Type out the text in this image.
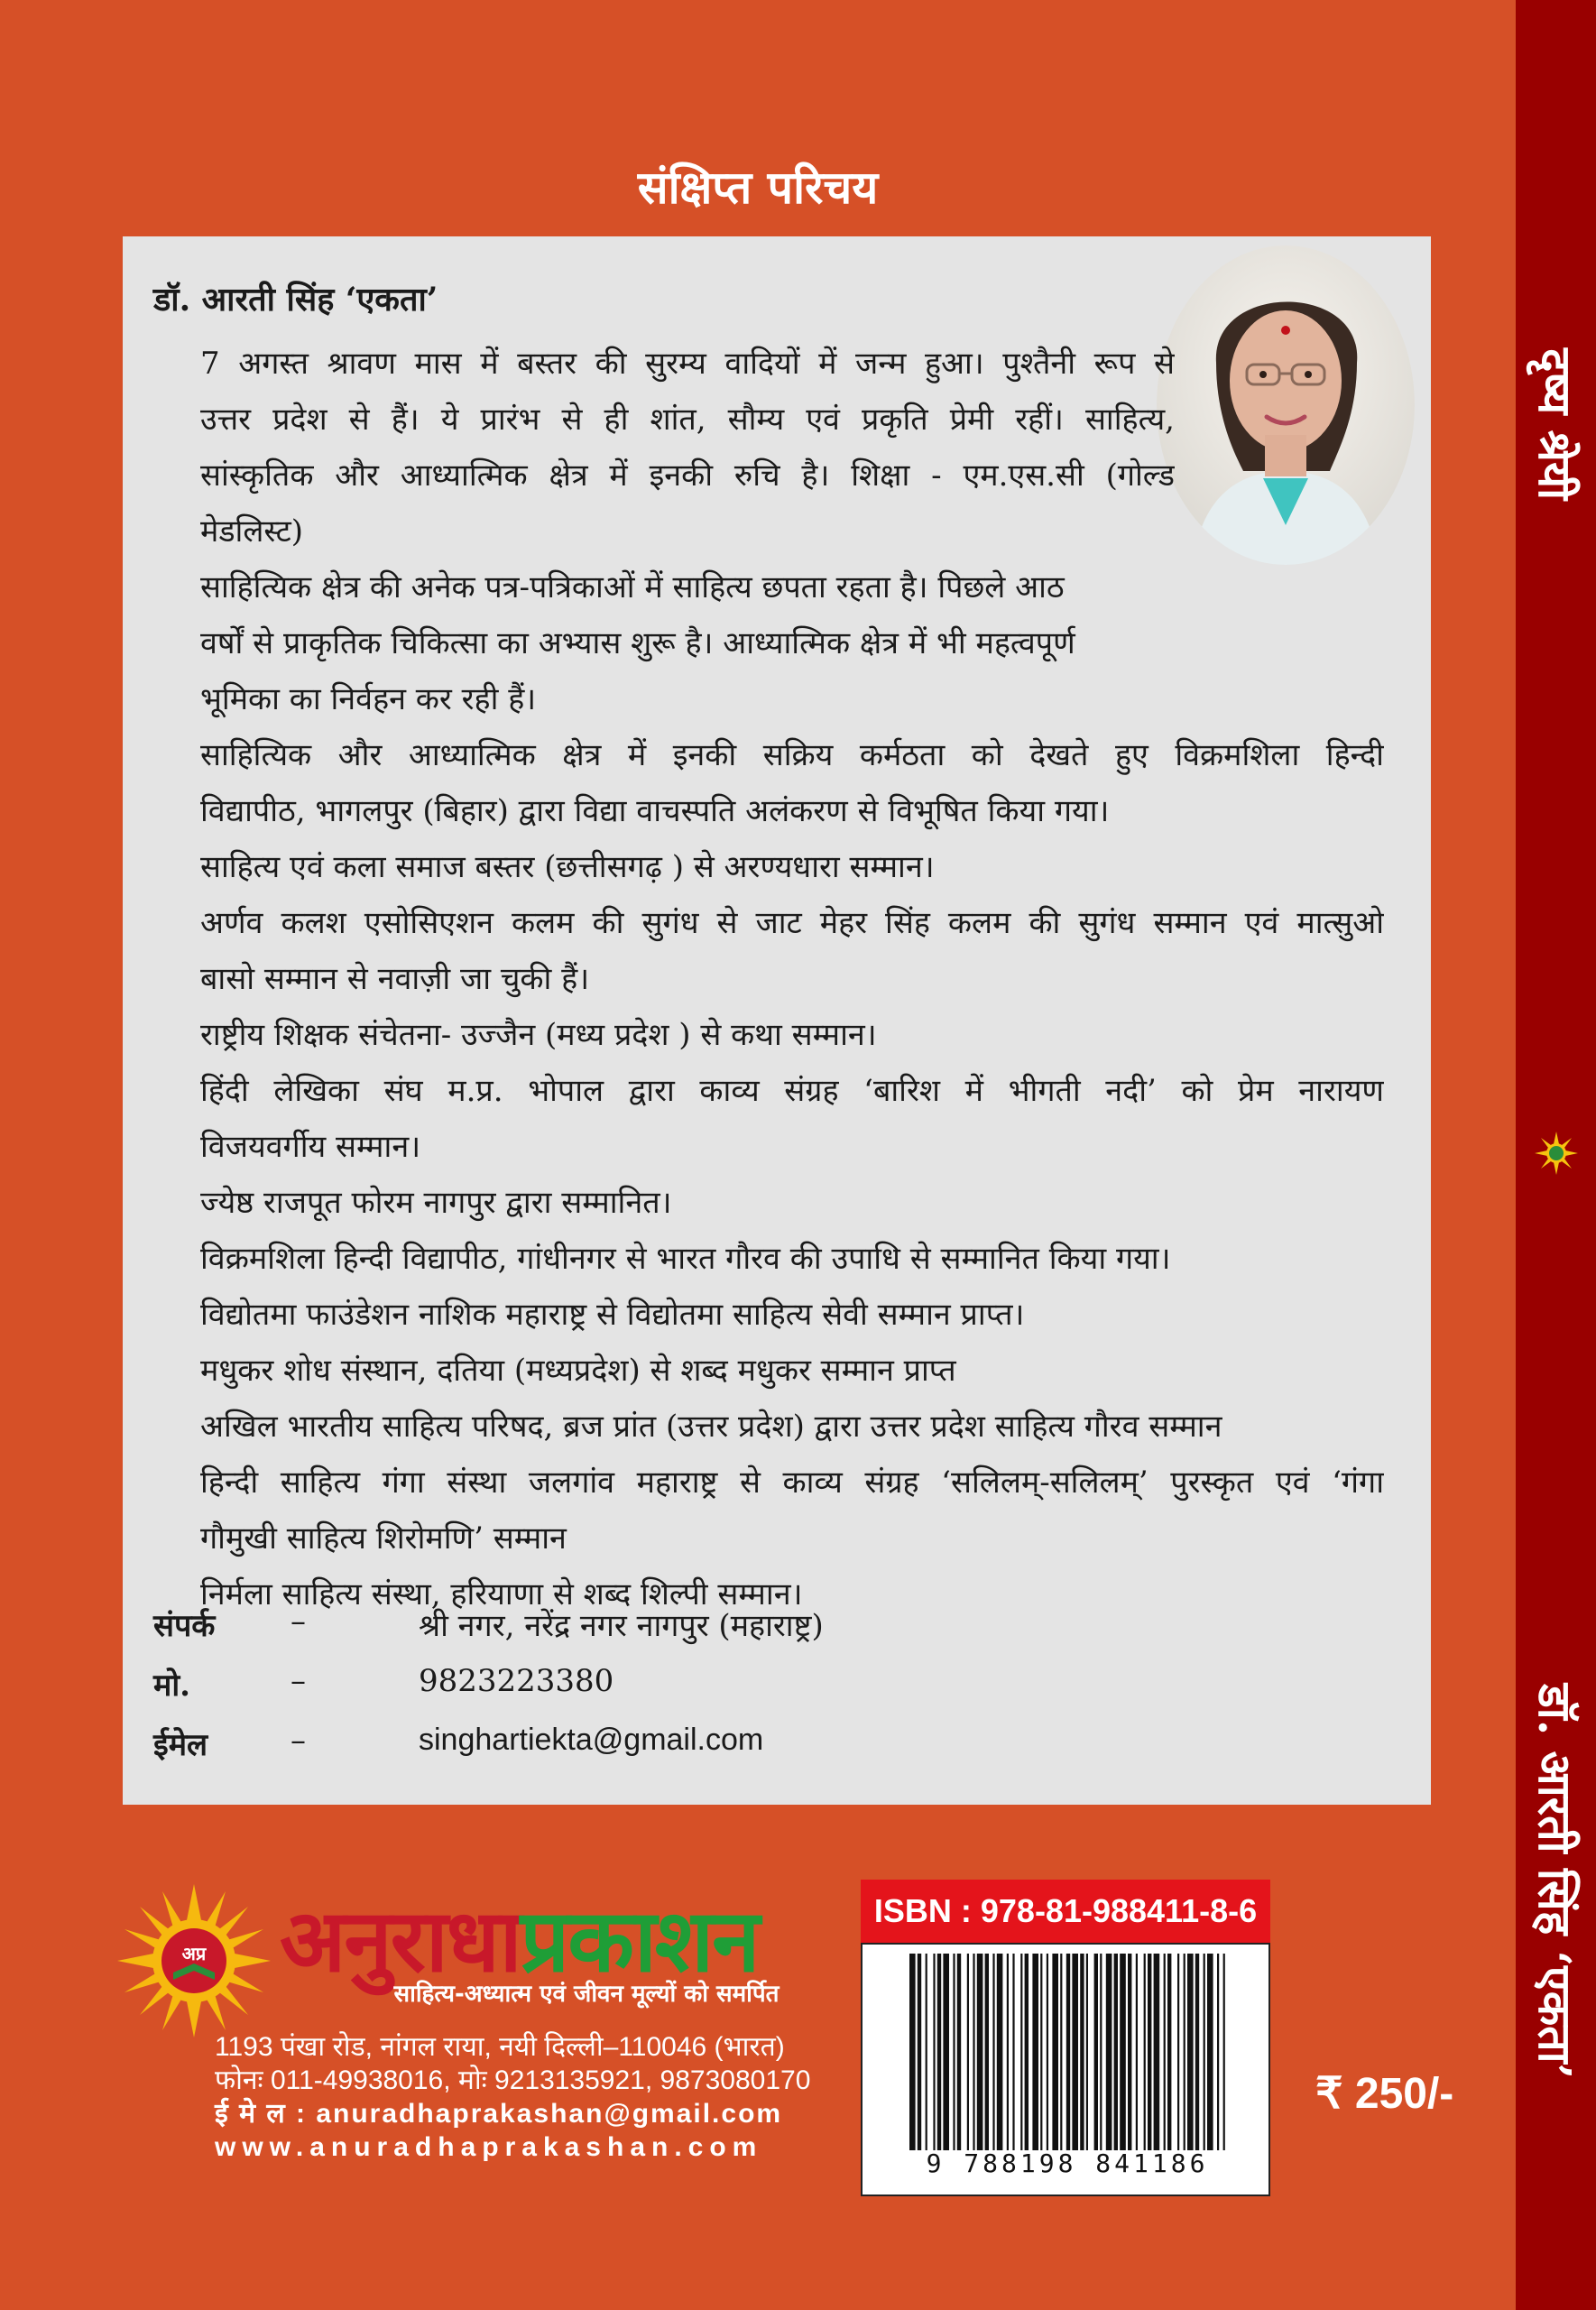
दृष्य श्रेयी
डॉ. आरती सिंह ‘एकता’
संक्षिप्त परिचय
डॉ. आरती सिंह ‘एकता’
7 अगस्त श्रावण मास में बस्तर की सुरम्य वादियों में जन्म हुआ। पुश्तैनी रूप से
उत्तर प्रदेश से हैं। ये प्रारंभ से ही शांत, सौम्य एवं प्रकृति प्रेमी रहीं। साहित्य,
सांस्कृतिक और आध्यात्मिक क्षेत्र में इनकी रुचि है। शिक्षा - एम.एस.सी (गोल्ड
मेडलिस्ट)
साहित्यिक क्षेत्र की अनेक पत्र-पत्रिकाओं में साहित्य छपता रहता है। पिछले आठ
वर्षों से प्राकृतिक चिकित्सा का अभ्यास शुरू है। आध्यात्मिक क्षेत्र में भी महत्वपूर्ण
भूमिका का निर्वहन कर रही हैं।
साहित्यिक और आध्यात्मिक क्षेत्र में इनकी सक्रिय कर्मठता को देखते हुए विक्रमशिला हिन्दी
विद्यापीठ, भागलपुर (बिहार) द्वारा विद्या वाचस्पति अलंकरण से विभूषित किया गया।
साहित्य एवं कला समाज बस्तर (छत्तीसगढ़ ) से अरण्यधारा सम्मान।
अर्णव कलश एसोसिएशन कलम की सुगंध से जाट मेहर सिंह कलम की सुगंध सम्मान एवं मात्सुओ
बासो सम्मान से नवाज़ी जा चुकी हैं।
राष्ट्रीय शिक्षक संचेतना- उज्जैन (मध्य प्रदेश ) से कथा सम्मान।
हिंदी लेखिका संघ म.प्र. भोपाल द्वारा काव्य संग्रह ‘बारिश में भीगती नदी’ को प्रेम नारायण
विजयवर्गीय सम्मान।
ज्येष्ठ राजपूत फोरम नागपुर द्वारा सम्मानित।
विक्रमशिला हिन्दी विद्यापीठ, गांधीनगर से भारत गौरव की उपाधि से सम्मानित किया गया।
विद्योतमा फाउंडेशन नाशिक महाराष्ट्र से विद्योतमा साहित्य सेवी सम्मान प्राप्त।
मधुकर शोध संस्थान, दतिया (मध्यप्रदेश) से शब्द मधुकर सम्मान प्राप्त
अखिल भारतीय साहित्य परिषद, ब्रज प्रांत (उत्तर प्रदेश) द्वारा उत्तर प्रदेश साहित्य गौरव सम्मान
हिन्दी साहित्य गंगा संस्था जलगांव महाराष्ट्र से काव्य संग्रह ‘सलिलम्-सलिलम्’ पुरस्कृत एवं ‘गंगा
गौमुखी साहित्य शिरोमणि’ सम्मान
निर्मला साहित्य संस्था, हरियाणा से शब्द शिल्पी सम्मान।
संपर्क –	श्री नगर, नरेंद्र नगर नागपुर (महाराष्ट्र)
मो.	–	9823223380
ईमेल	–	singhartiekta@gmail.com
अप्र अनुराधाप्रकाशन
साहित्य-अध्यात्म एवं जीवन मूल्यों को समर्पित
1193 पंखा रोड, नांगल राया, नयी दिल्ली–110046 (भारत)
फोनः 011-49938016, मोः 9213135921, 9873080170
ई मे ल : anuradhaprakashan@gmail.com
www.anuradhaprakashan.com
ISBN : 978-81-988411-8-6
9 788198 841186
₹ 250/-
